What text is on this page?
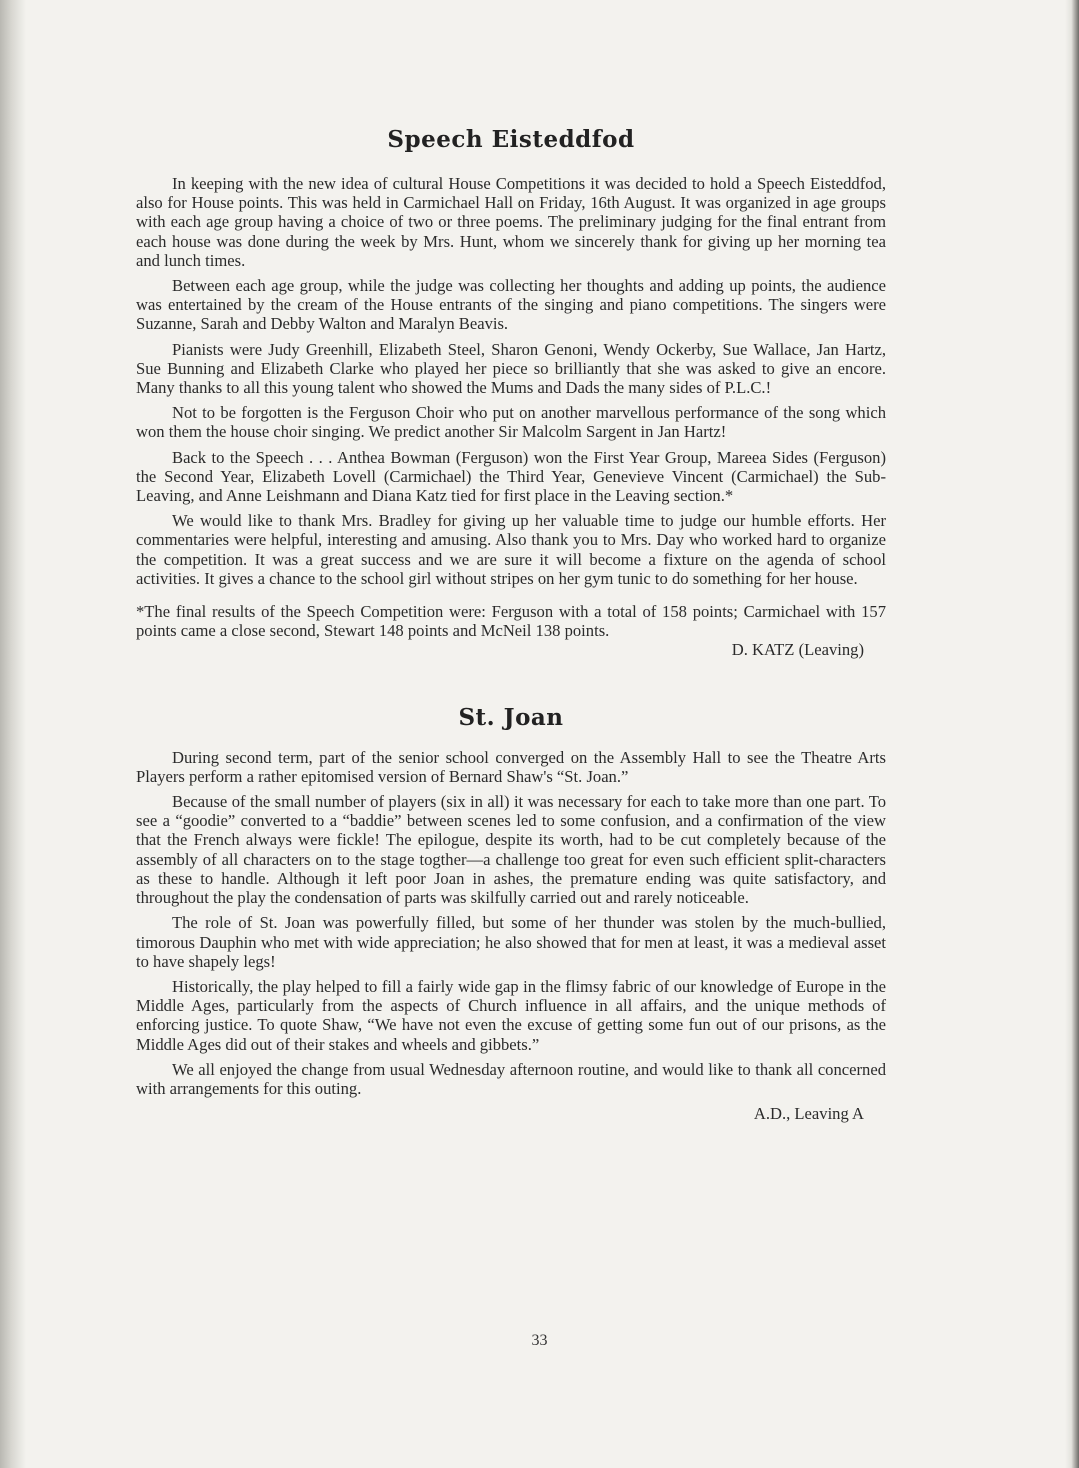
Speech Eisteddfod

In keeping with the new idea of cultural House Competitions it was decided to hold a Speech Eisteddfod, also for House points. This was held in Carmichael Hall on Friday, 16th August. It was organized in age groups with each age group having a choice of two or three poems. The preliminary judging for the final entrant from each house was done during the week by Mrs. Hunt, whom we sincerely thank for giving up her morning tea and lunch times.

Between each age group, while the judge was collecting her thoughts and adding up points, the audience was entertained by the cream of the House entrants of the singing and piano competitions. The singers were Suzanne, Sarah and Debby Walton and Maralyn Beavis.

Pianists were Judy Greenhill, Elizabeth Steel, Sharon Genoni, Wendy Ockerby, Sue Wallace, Jan Hartz, Sue Bunning and Elizabeth Clarke who played her piece so brilliantly that she was asked to give an encore. Many thanks to all this young talent who showed the Mums and Dads the many sides of P.L.C.!

Not to be forgotten is the Ferguson Choir who put on another marvellous performance of the song which won them the house choir singing. We predict another Sir Malcolm Sargent in Jan Hartz!

Back to the Speech . . . Anthea Bowman (Ferguson) won the First Year Group, Mareea Sides (Ferguson) the Second Year, Elizabeth Lovell (Carmichael) the Third Year, Genevieve Vincent (Carmichael) the Sub-Leaving, and Anne Leishmann and Diana Katz tied for first place in the Leaving section.*

We would like to thank Mrs. Bradley for giving up her valuable time to judge our humble efforts. Her commentaries were helpful, interesting and amusing. Also thank you to Mrs. Day who worked hard to organize the competition. It was a great success and we are sure it will become a fixture on the agenda of school activities. It gives a chance to the school girl without stripes on her gym tunic to do something for her house.

*The final results of the Speech Competition were: Ferguson with a total of 158 points; Carmichael with 157 points came a close second, Stewart 148 points and McNeil 138 points.

D. KATZ (Leaving)
St. Joan

During second term, part of the senior school converged on the Assembly Hall to see the Theatre Arts Players perform a rather epitomised version of Bernard Shaw's “St. Joan.”

Because of the small number of players (six in all) it was necessary for each to take more than one part. To see a “goodie” converted to a “baddie” between scenes led to some confusion, and a confirmation of the view that the French always were fickle! The epilogue, despite its worth, had to be cut completely because of the assembly of all characters on to the stage togther—a challenge too great for even such efficient split-characters as these to handle. Although it left poor Joan in ashes, the premature ending was quite satisfactory, and throughout the play the condensation of parts was skilfully carried out and rarely noticeable.

The role of St. Joan was powerfully filled, but some of her thunder was stolen by the much-bullied, timorous Dauphin who met with wide appreciation; he also showed that for men at least, it was a medieval asset to have shapely legs!

Historically, the play helped to fill a fairly wide gap in the flimsy fabric of our knowledge of Europe in the Middle Ages, particularly from the aspects of Church influence in all affairs, and the unique methods of enforcing justice. To quote Shaw, “We have not even the excuse of getting some fun out of our prisons, as the Middle Ages did out of their stakes and wheels and gibbets.”

We all enjoyed the change from usual Wednesday afternoon routine, and would like to thank all concerned with arrangements for this outing.

A.D., Leaving A
33
